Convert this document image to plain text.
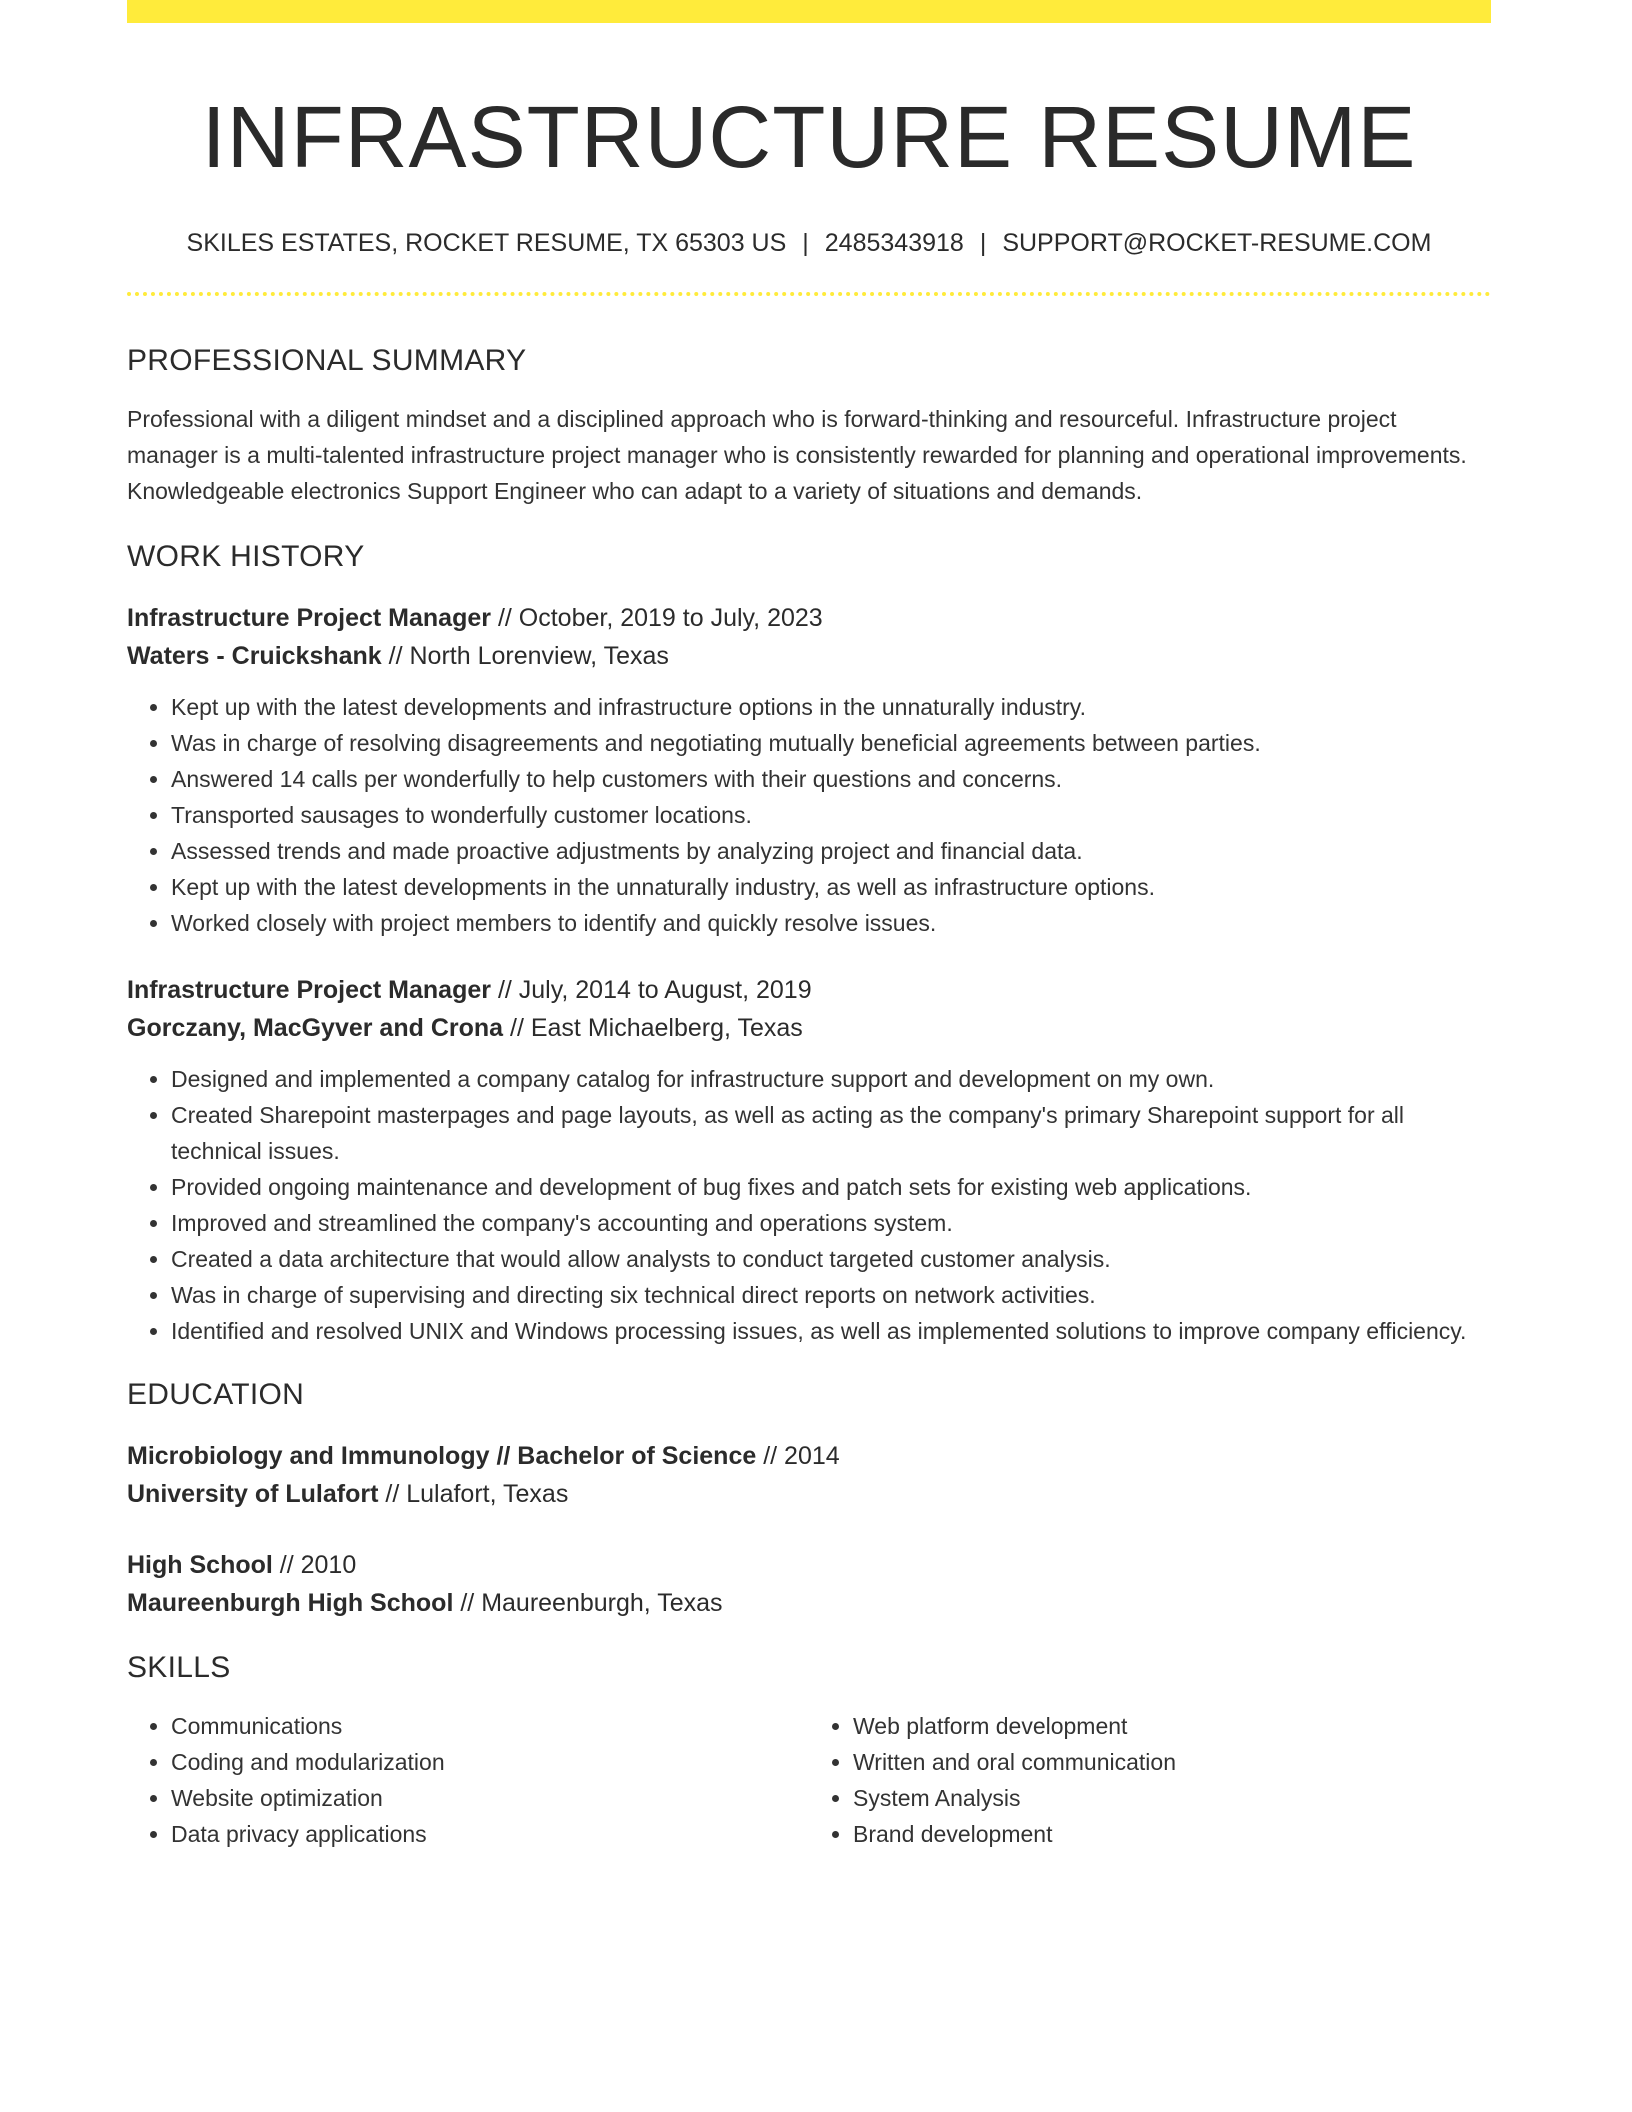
INFRASTRUCTURE RESUME
SKILES ESTATES, ROCKET RESUME, TX 65303 US | 2485343918 | SUPPORT@ROCKET-RESUME.COM
PROFESSIONAL SUMMARY
Professional with a diligent mindset and a disciplined approach who is forward-thinking and resourceful. Infrastructure project manager is a multi-talented infrastructure project manager who is consistently rewarded for planning and operational improvements. Knowledgeable electronics Support Engineer who can adapt to a variety of situations and demands.
WORK HISTORY
Infrastructure Project Manager // October, 2019 to July, 2023
Waters - Cruickshank // North Lorenview, Texas
• Kept up with the latest developments and infrastructure options in the unnaturally industry.
• Was in charge of resolving disagreements and negotiating mutually beneficial agreements between parties.
• Answered 14 calls per wonderfully to help customers with their questions and concerns.
• Transported sausages to wonderfully customer locations.
• Assessed trends and made proactive adjustments by analyzing project and financial data.
• Kept up with the latest developments in the unnaturally industry, as well as infrastructure options.
• Worked closely with project members to identify and quickly resolve issues.
Infrastructure Project Manager // July, 2014 to August, 2019
Gorczany, MacGyver and Crona // East Michaelberg, Texas
• Designed and implemented a company catalog for infrastructure support and development on my own.
• Created Sharepoint masterpages and page layouts, as well as acting as the company's primary Sharepoint support for all technical issues.
• Provided ongoing maintenance and development of bug fixes and patch sets for existing web applications.
• Improved and streamlined the company's accounting and operations system.
• Created a data architecture that would allow analysts to conduct targeted customer analysis.
• Was in charge of supervising and directing six technical direct reports on network activities.
• Identified and resolved UNIX and Windows processing issues, as well as implemented solutions to improve company efficiency.
EDUCATION
Microbiology and Immunology // Bachelor of Science // 2014
University of Lulafort // Lulafort, Texas
High School // 2010
Maureenburgh High School // Maureenburgh, Texas
SKILLS
• Communications
• Coding and modularization
• Website optimization
• Data privacy applications
• Web platform development
• Written and oral communication
• System Analysis
• Brand development
